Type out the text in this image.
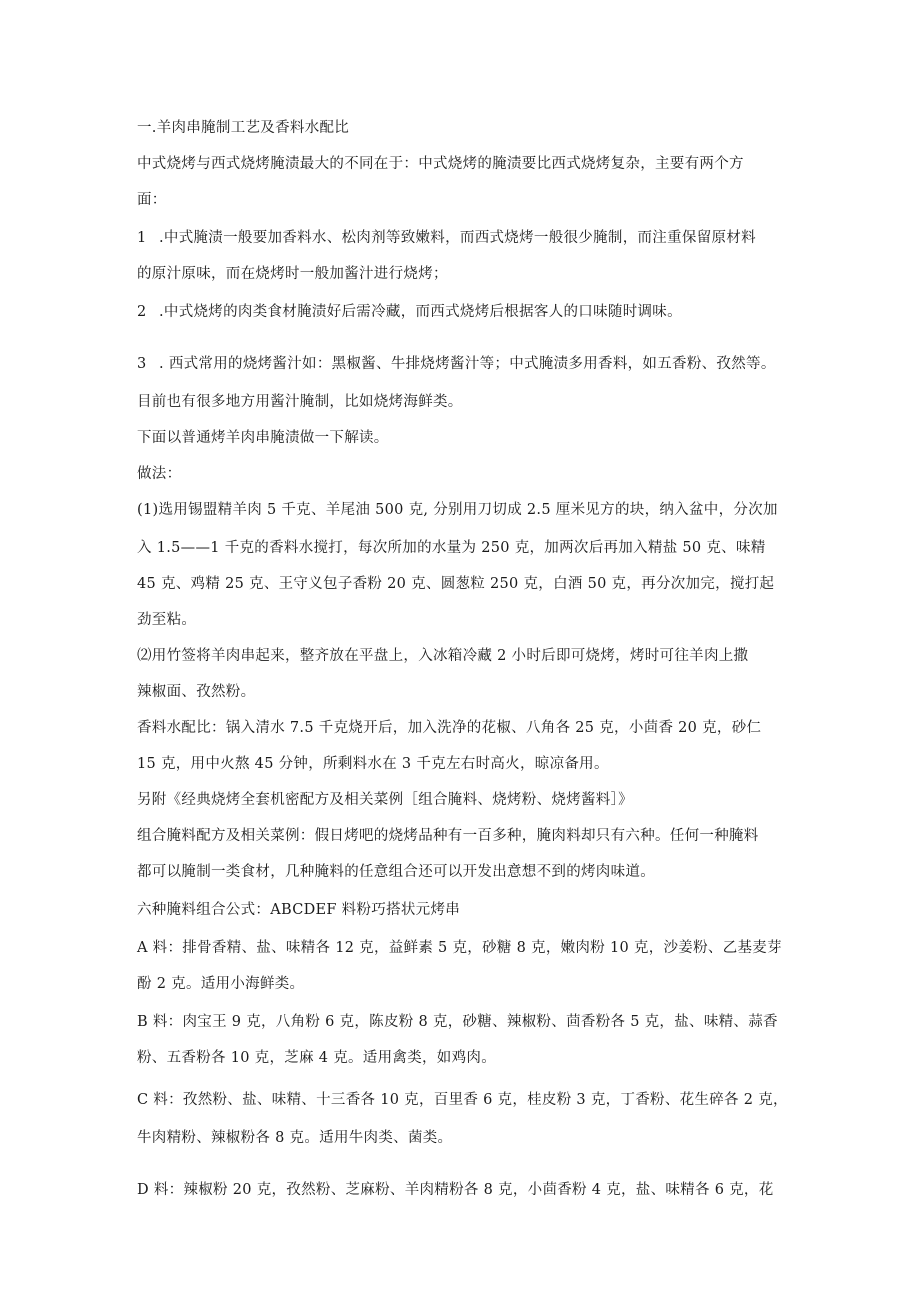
一.羊肉串腌制工艺及香料水配比
中式烧烤与西式烧烤腌渍最大的不同在于：中式烧烤的腌渍要比西式烧烤复杂，主要有两个方
面：
1 .中式腌渍一般要加香料水、松肉剂等致嫩料，而西式烧烤一般很少腌制，而注重保留原材料
的原汁原味，而在烧烤时一般加酱汁进行烧烤；
2 .中式烧烤的肉类食材腌渍好后需冷藏，而西式烧烤后根据客人的口味随时调味。
3 . 西式常用的烧烤酱汁如：黑椒酱、牛排烧烤酱汁等；中式腌渍多用香料，如五香粉、孜然等。
目前也有很多地方用酱汁腌制，比如烧烤海鲜类。
下面以普通烤羊肉串腌渍做一下解读。
做法：
(1)选用锡盟精羊肉 5 千克、羊尾油 500 克, 分别用刀切成 2.5 厘米见方的块，纳入盆中，分次加
入 1.5——1 千克的香料水搅打，每次所加的水量为 250 克，加两次后再加入精盐 50 克、味精
45 克、鸡精 25 克、王守义包子香粉 20 克、圆葱粒 250 克，白酒 50 克，再分次加完，搅打起
劲至粘。
⑵用竹签将羊肉串起来，整齐放在平盘上，入冰箱冷藏 2 小时后即可烧烤，烤时可往羊肉上撒
辣椒面、孜然粉。
香料水配比：锅入清水 7.5 千克烧开后，加入洗净的花椒、八角各 25 克，小茴香 20 克，砂仁
15 克，用中火熬 45 分钟，所剩料水在 3 千克左右时高火，晾凉备用。
另附《经典烧烤全套机密配方及相关菜例［组合腌料、烧烤粉、烧烤酱料］》
组合腌料配方及相关菜例：假日烤吧的烧烤品种有一百多种，腌肉料却只有六种。任何一种腌料
都可以腌制一类食材，几种腌料的任意组合还可以开发出意想不到的烤肉味道。
六种腌料组合公式：ABCDEF 料粉巧搭状元烤串
A 料：排骨香精、盐、味精各 12 克，益鲜素 5 克，砂糖 8 克，嫩肉粉 10 克，沙姜粉、乙基麦芽
酚 2 克。适用小海鲜类。
B 料：肉宝王 9 克，八角粉 6 克，陈皮粉 8 克，砂糖、辣椒粉、茴香粉各 5 克，盐、味精、蒜香
粉、五香粉各 10 克，芝麻 4 克。适用禽类，如鸡肉。
C 料：孜然粉、盐、味精、十三香各 10 克，百里香 6 克，桂皮粉 3 克，丁香粉、花生碎各 2 克，
牛肉精粉、辣椒粉各 8 克。适用牛肉类、菌类。
D 料：辣椒粉 20 克，孜然粉、芝麻粉、羊肉精粉各 8 克，小茴香粉 4 克，盐、味精各 6 克，花
